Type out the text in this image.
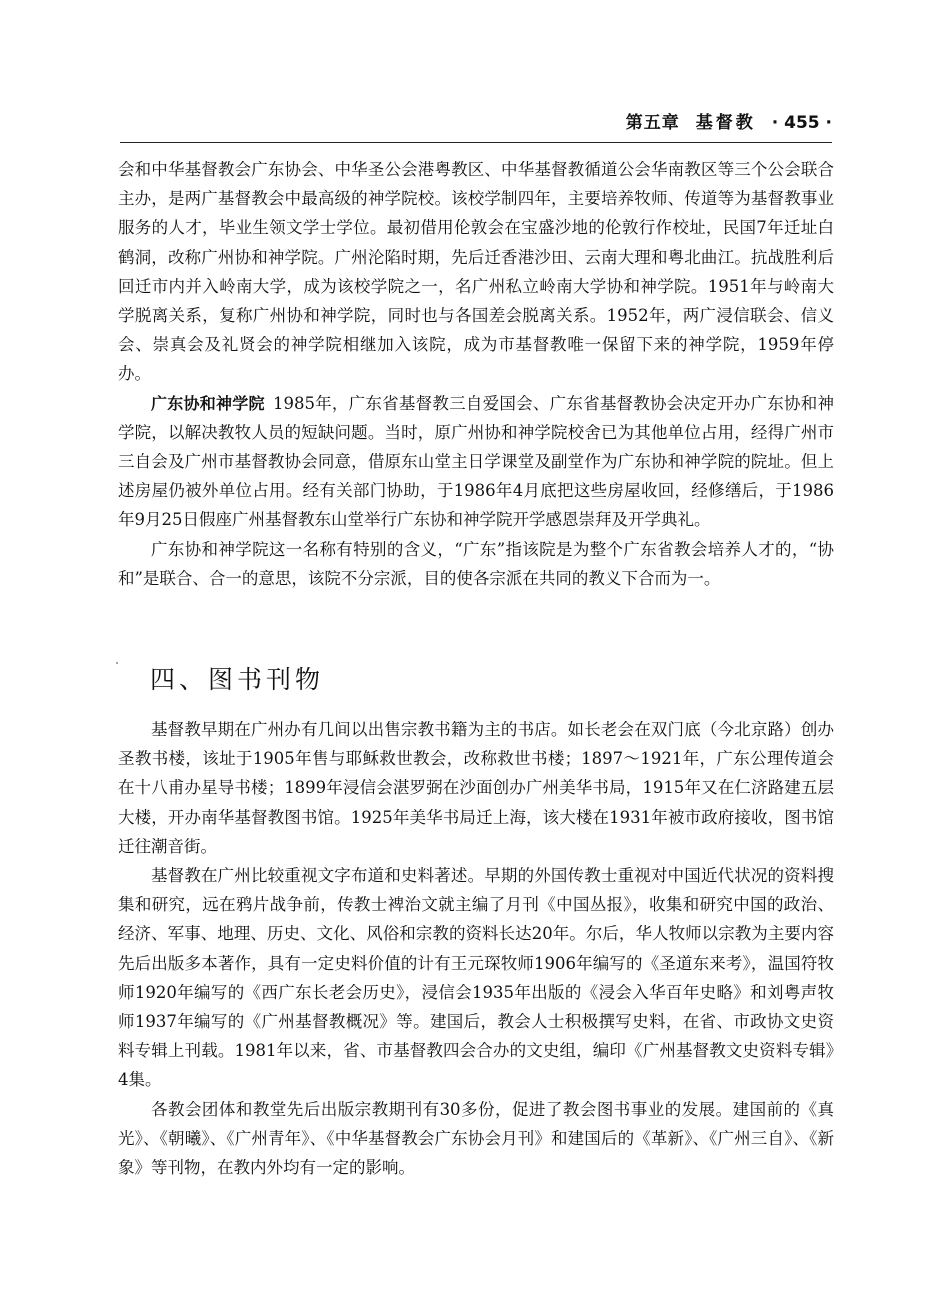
第五章 基督教 · 455 ·

会和中华基督教会广东协会、中华圣公会港粤教区、中华基督教循道公会华南教区等三个公会联合主办，是两广基督教会中最高级的神学院校。该校学制四年，主要培养牧师、传道等为基督教事业服务的人才，毕业生领文学士学位。最初借用伦敦会在宝盛沙地的伦敦行作校址，民国7年迁址白鹤洞，改称广州协和神学院。广州沦陷时期，先后迁香港沙田、云南大理和粤北曲江。抗战胜利后回迁市内并入岭南大学，成为该校学院之一，名广州私立岭南大学协和神学院。1951年与岭南大学脱离关系，复称广州协和神学院，同时也与各国差会脱离关系。1952年，两广浸信联会、信义会、崇真会及礼贤会的神学院相继加入该院，成为市基督教唯一保留下来的神学院，1959年停办。

广东协和神学院  1985年，广东省基督教三自爱国会、广东省基督教协会决定开办广东协和神学院，以解决教牧人员的短缺问题。当时，原广州协和神学院校舍已为其他单位占用，经得广州市三自会及广州市基督教协会同意，借原东山堂主日学课堂及副堂作为广东协和神学院的院址。但上述房屋仍被外单位占用。经有关部门协助，于1986年4月底把这些房屋收回，经修缮后，于1986年9月25日假座广州基督教东山堂举行广东协和神学院开学感恩崇拜及开学典礼。

广东协和神学院这一名称有特别的含义，“广东”指该院是为整个广东省教会培养人才的，“协和”是联合、合一的意思，该院不分宗派，目的使各宗派在共同的教义下合而为一。

四、图书刊物

基督教早期在广州办有几间以出售宗教书籍为主的书店。如长老会在双门底（今北京路）创办圣教书楼，该址于1905年售与耶稣救世教会，改称救世书楼；1897～1921年，广东公理传道会在十八甫办星导书楼；1899年浸信会湛罗弼在沙面创办广州美华书局，1915年又在仁济路建五层大楼，开办南华基督教图书馆。1925年美华书局迁上海，该大楼在1931年被市政府接收，图书馆迁往潮音街。

基督教在广州比较重视文字布道和史料著述。早期的外国传教士重视对中国近代状况的资料搜集和研究，远在鸦片战争前，传教士裨治文就主编了月刊《中国丛报》，收集和研究中国的政治、经济、军事、地理、历史、文化、风俗和宗教的资料长达20年。尔后，华人牧师以宗教为主要内容先后出版多本著作，具有一定史料价值的计有王元琛牧师1906年编写的《圣道东来考》，温国符牧师1920年编写的《西广东长老会历史》，浸信会1935年出版的《浸会入华百年史略》和刘粤声牧师1937年编写的《广州基督教概况》等。建国后，教会人士积极撰写史料，在省、市政协文史资料专辑上刊载。1981年以来，省、市基督教四会合办的文史组，编印《广州基督教文史资料专辑》4集。

各教会团体和教堂先后出版宗教期刊有30多份，促进了教会图书事业的发展。建国前的《真光》、《朝曦》、《广州青年》、《中华基督教会广东协会月刊》和建国后的《革新》、《广州三自》、《新象》等刊物，在教内外均有一定的影响。
